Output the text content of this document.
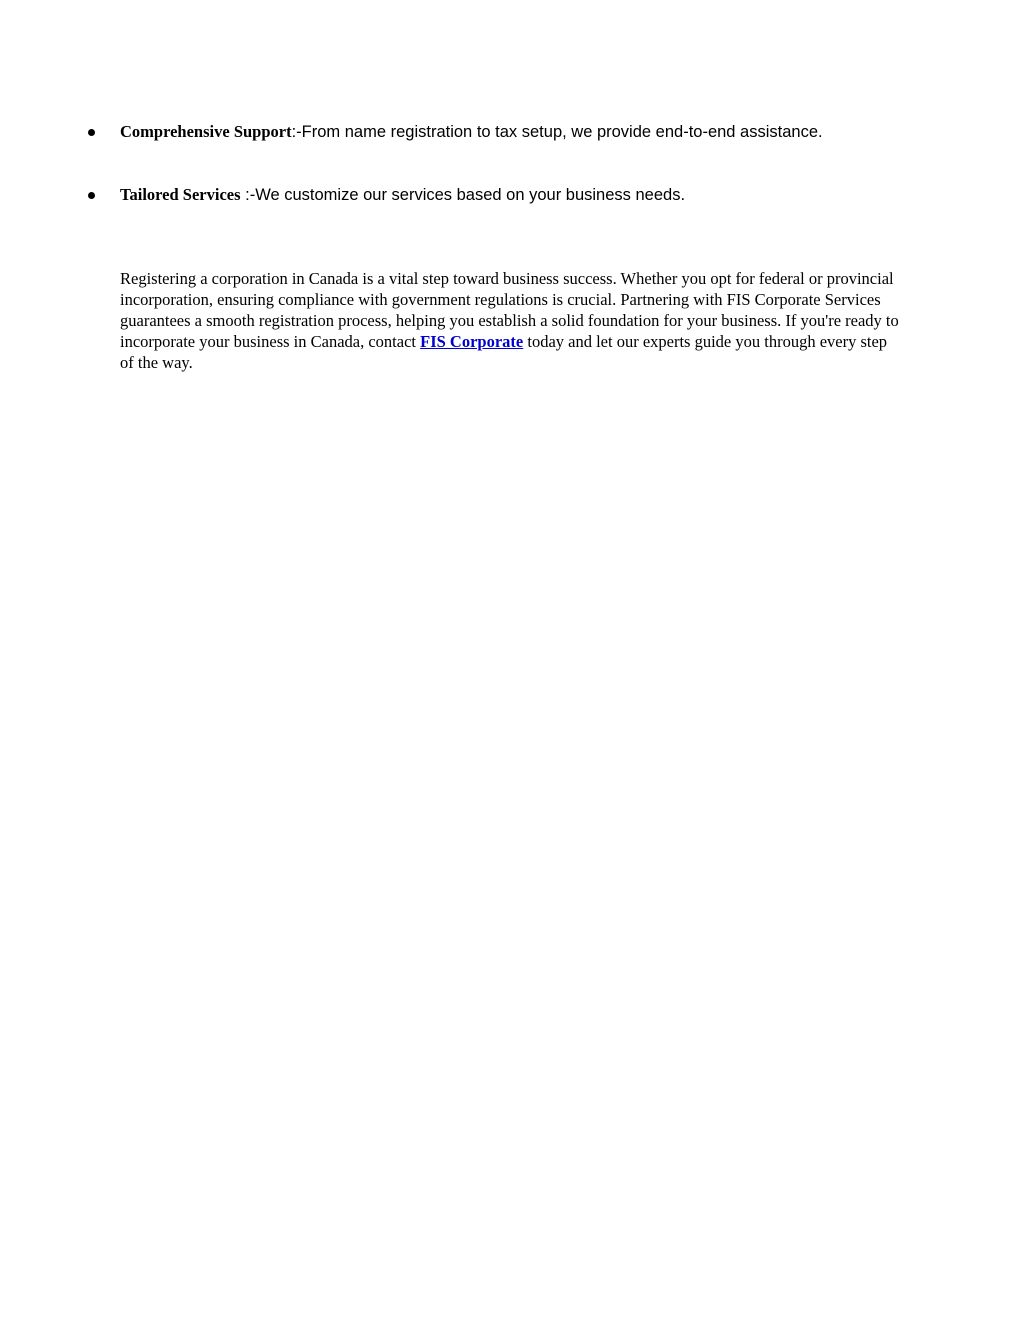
Comprehensive Support:-From name registration to tax setup, we provide end-to-end assistance.
Tailored Services :-We customize our services based on your business needs.

Registering a corporation in Canada is a vital step toward business success. Whether you opt for federal or provincial incorporation, ensuring compliance with government regulations is crucial. Partnering with FIS Corporate Services guarantees a smooth registration process, helping you establish a solid foundation for your business. If you're ready to incorporate your business in Canada, contact FIS Corporate today and let our experts guide you through every step of the way.
